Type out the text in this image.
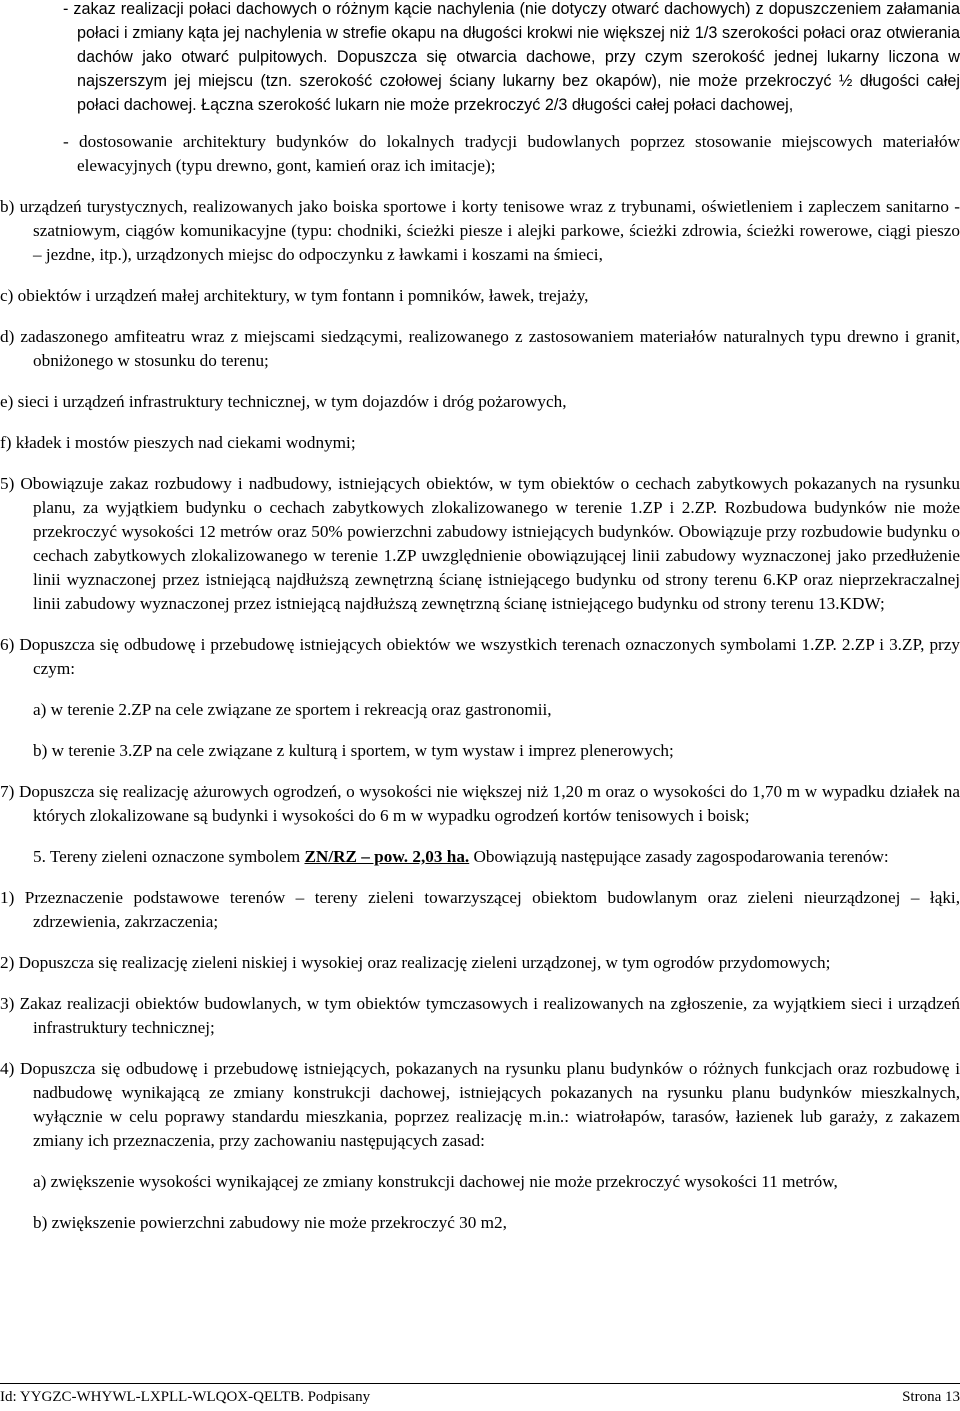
- zakaz realizacji połaci dachowych o różnym kącie nachylenia (nie dotyczy otwarć dachowych) z dopuszczeniem załamania połaci i zmiany kąta jej nachylenia w strefie okapu na długości krokwi nie większej niż 1/3 szerokości połaci oraz otwierania dachów jako otwarć pulpitowych. Dopuszcza się otwarcia dachowe, przy czym szerokość jednej lukarny liczona w najszerszym jej miejscu (tzn. szerokość czołowej ściany lukarny bez okapów), nie może przekroczyć ½ długości całej połaci dachowej. Łączna szerokość lukarn nie może przekroczyć 2/3 długości całej połaci dachowej,

- dostosowanie architektury budynków do lokalnych tradycji budowlanych poprzez stosowanie miejscowych materiałów elewacyjnych (typu drewno, gont, kamień oraz ich imitacje);

b) urządzeń turystycznych, realizowanych jako boiska sportowe i korty tenisowe wraz z trybunami, oświetleniem i zapleczem sanitarno - szatniowym, ciągów komunikacyjne (typu: chodniki, ścieżki piesze i alejki parkowe, ścieżki zdrowia, ścieżki rowerowe, ciągi pieszo – jezdne, itp.), urządzonych miejsc do odpoczynku z ławkami i koszami na śmieci,

c) obiektów i urządzeń małej architektury, w tym fontann i pomników, ławek, trejaży,

d) zadaszonego amfiteatru wraz z miejscami siedzącymi, realizowanego z zastosowaniem materiałów naturalnych typu drewno i granit, obniżonego w stosunku do terenu;

e) sieci i urządzeń infrastruktury technicznej, w tym dojazdów i dróg pożarowych,

f) kładek i mostów pieszych nad ciekami wodnymi;

5) Obowiązuje zakaz rozbudowy i nadbudowy, istniejących obiektów, w tym obiektów o cechach zabytkowych pokazanych na rysunku planu, za wyjątkiem budynku o cechach zabytkowych zlokalizowanego w terenie 1.ZP i 2.ZP. Rozbudowa budynków nie może przekroczyć wysokości 12 metrów oraz 50% powierzchni zabudowy istniejących budynków. Obowiązuje przy rozbudowie budynku o cechach zabytkowych zlokalizowanego w terenie 1.ZP uwzględnienie obowiązującej linii zabudowy wyznaczonej jako przedłużenie linii wyznaczonej przez istniejącą najdłuższą zewnętrzną ścianę istniejącego budynku od strony terenu 6.KP oraz nieprzekraczalnej linii zabudowy wyznaczonej przez istniejącą najdłuższą zewnętrzną ścianę istniejącego budynku od strony terenu 13.KDW;

6) Dopuszcza się odbudowę i przebudowę istniejących obiektów we wszystkich terenach oznaczonych symbolami 1.ZP. 2.ZP i 3.ZP, przy czym:

a) w terenie 2.ZP na cele związane ze sportem i rekreacją oraz gastronomii,

b) w terenie 3.ZP na cele związane z kulturą i sportem, w tym wystaw i imprez plenerowych;

7) Dopuszcza się realizację ażurowych ogrodzeń, o wysokości nie większej niż 1,20 m oraz o wysokości do 1,70 m w wypadku działek na których zlokalizowane są budynki i wysokości do 6 m w wypadku ogrodzeń kortów tenisowych i boisk;

5. Tereny zieleni oznaczone symbolem ZN/RZ – pow. 2,03 ha. Obowiązują następujące zasady zagospodarowania terenów:

1) Przeznaczenie podstawowe terenów – tereny zieleni towarzyszącej obiektom budowlanym oraz zieleni nieurządzonej – łąki, zdrzewienia, zakrzaczenia;

2) Dopuszcza się realizację zieleni niskiej i wysokiej oraz realizację zieleni urządzonej, w tym ogrodów przydomowych;

3) Zakaz realizacji obiektów budowlanych, w tym obiektów tymczasowych i realizowanych na zgłoszenie, za wyjątkiem sieci i urządzeń infrastruktury technicznej;

4) Dopuszcza się odbudowę i przebudowę istniejących, pokazanych na rysunku planu budynków o różnych funkcjach oraz rozbudowę i nadbudowę wynikającą ze zmiany konstrukcji dachowej, istniejących pokazanych na rysunku planu budynków mieszkalnych, wyłącznie w celu poprawy standardu mieszkania, poprzez realizację m.in.: wiatrołapów, tarasów, łazienek lub garaży, z zakazem zmiany ich przeznaczenia, przy zachowaniu następujących zasad:

a) zwiększenie wysokości wynikającej ze zmiany konstrukcji dachowej nie może przekroczyć wysokości 11 metrów,

b) zwiększenie powierzchni zabudowy nie może przekroczyć 30 m2,

Id: YYGZC-WHYWL-LXPLL-WLQOX-QELTB. Podpisany	Strona 13
